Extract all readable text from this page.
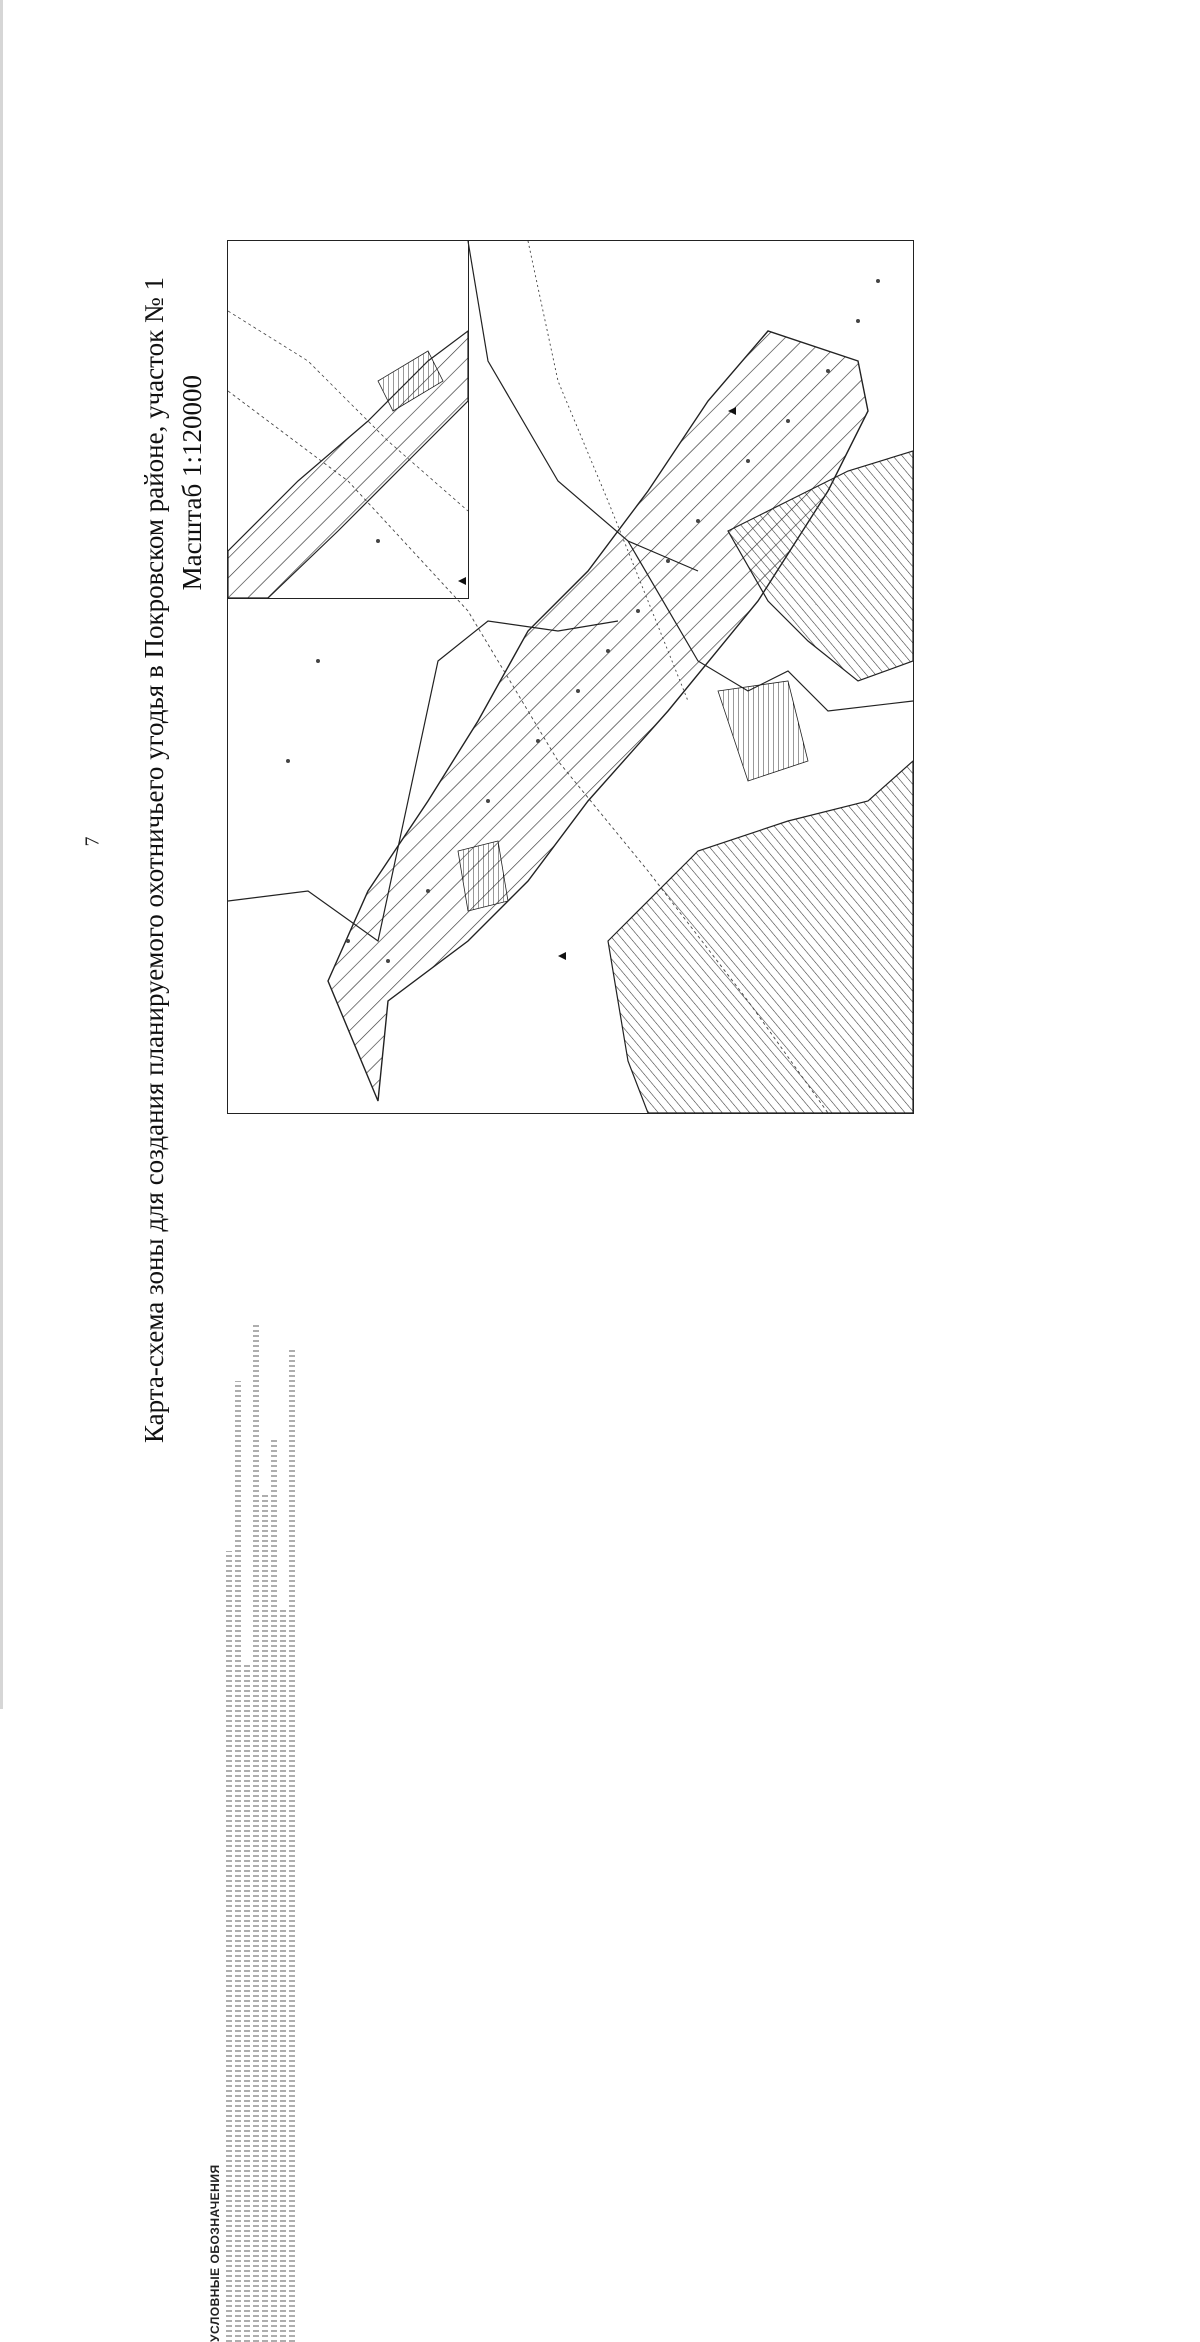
7 Карта-схема зоны для создания планируемого охотничьего угодья в Покровском районе, участок № 1 Масштаб 1:120000
УСЛОВНЫЕ ОБОЗНАЧЕНИЯ
